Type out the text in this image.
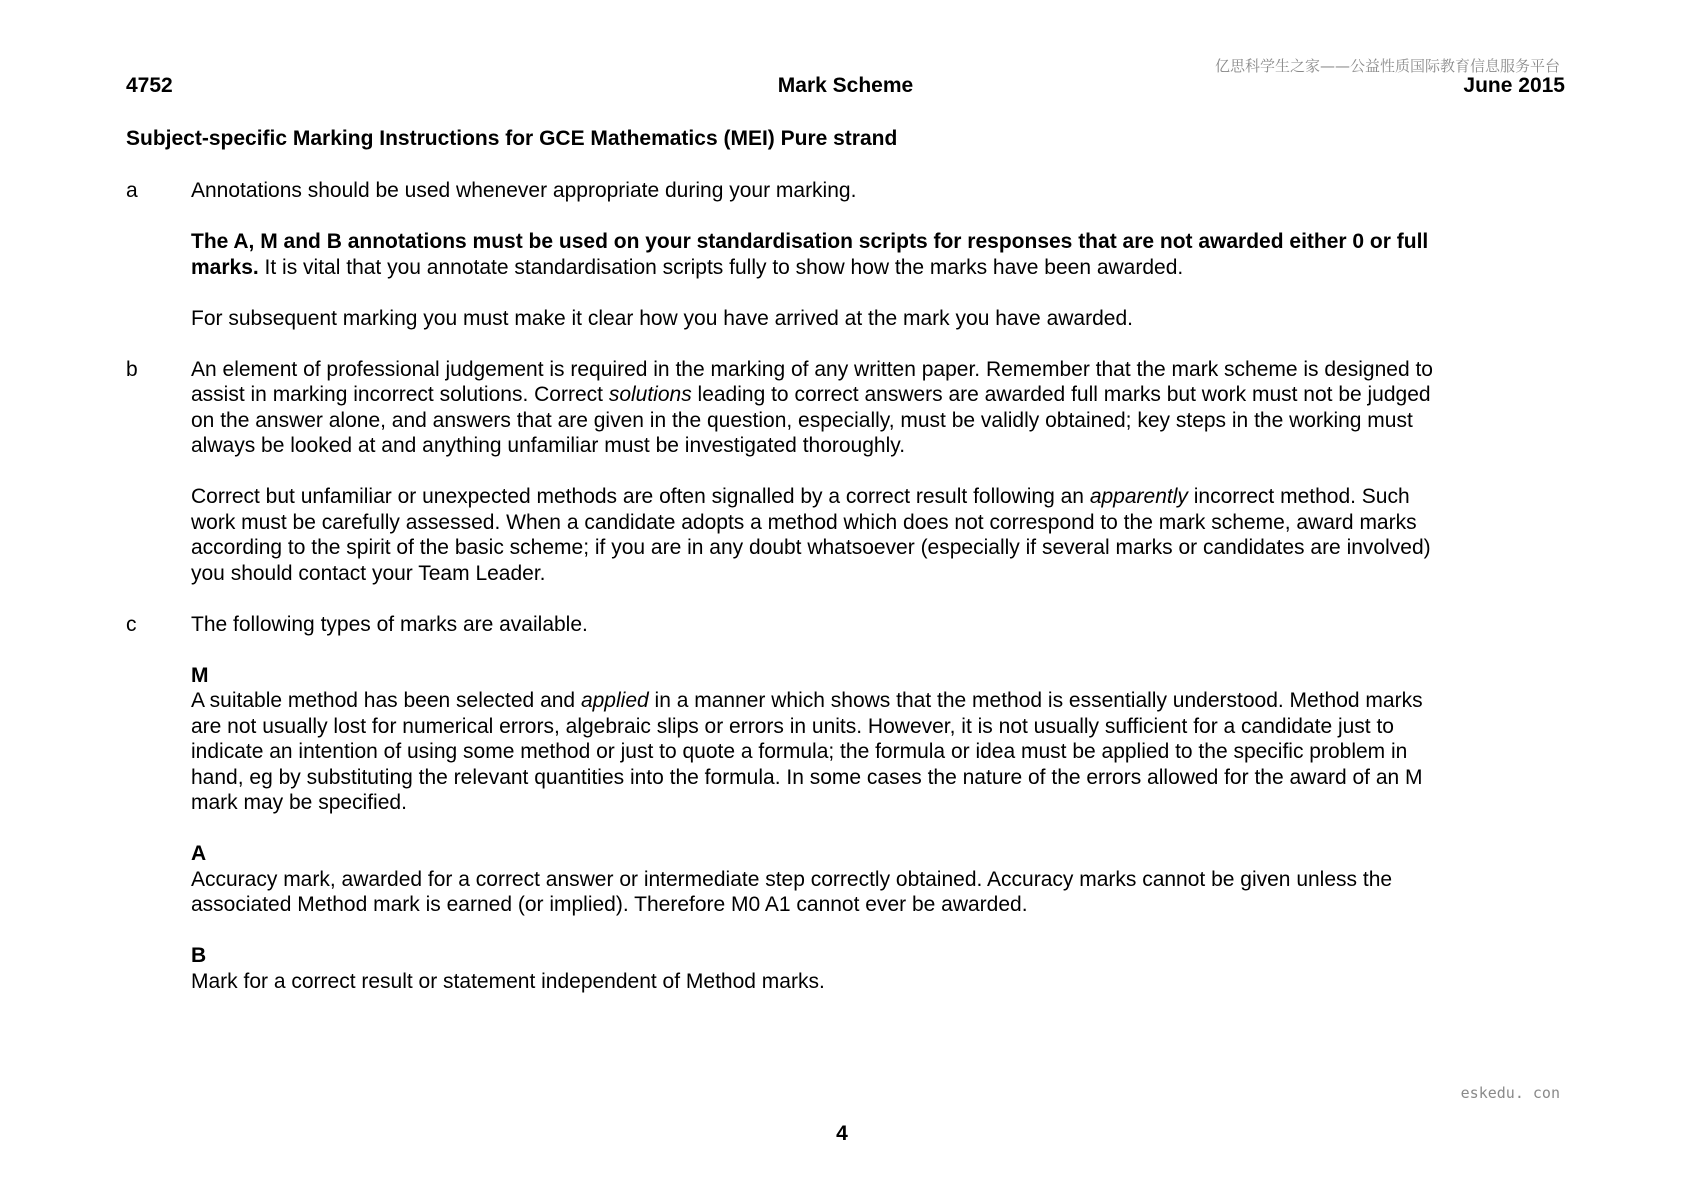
亿思科学生之家——公益性质国际教育信息服务平台
4752	Mark Scheme	June 2015
Subject-specific Marking Instructions for GCE Mathematics (MEI) Pure strand
a	Annotations should be used whenever appropriate during your marking.

The A, M and B annotations must be used on your standardisation scripts for responses that are not awarded either 0 or full marks. It is vital that you annotate standardisation scripts fully to show how the marks have been awarded.

For subsequent marking you must make it clear how you have arrived at the mark you have awarded.

b	An element of professional judgement is required in the marking of any written paper. Remember that the mark scheme is designed to assist in marking incorrect solutions. Correct solutions leading to correct answers are awarded full marks but work must not be judged on the answer alone, and answers that are given in the question, especially, must be validly obtained; key steps in the working must always be looked at and anything unfamiliar must be investigated thoroughly.

Correct but unfamiliar or unexpected methods are often signalled by a correct result following an apparently incorrect method. Such work must be carefully assessed. When a candidate adopts a method which does not correspond to the mark scheme, award marks according to the spirit of the basic scheme; if you are in any doubt whatsoever (especially if several marks or candidates are involved) you should contact your Team Leader.

c	The following types of marks are available.

M

A suitable method has been selected and applied in a manner which shows that the method is essentially understood. Method marks are not usually lost for numerical errors, algebraic slips or errors in units. However, it is not usually sufficient for a candidate just to indicate an intention of using some method or just to quote a formula; the formula or idea must be applied to the specific problem in hand, eg by substituting the relevant quantities into the formula. In some cases the nature of the errors allowed for the award of an M mark may be specified.

A

Accuracy mark, awarded for a correct answer or intermediate step correctly obtained. Accuracy marks cannot be given unless the associated Method mark is earned (or implied). Therefore M0 A1 cannot ever be awarded.

B

Mark for a correct result or statement independent of Method marks.

eskedu. con
4
